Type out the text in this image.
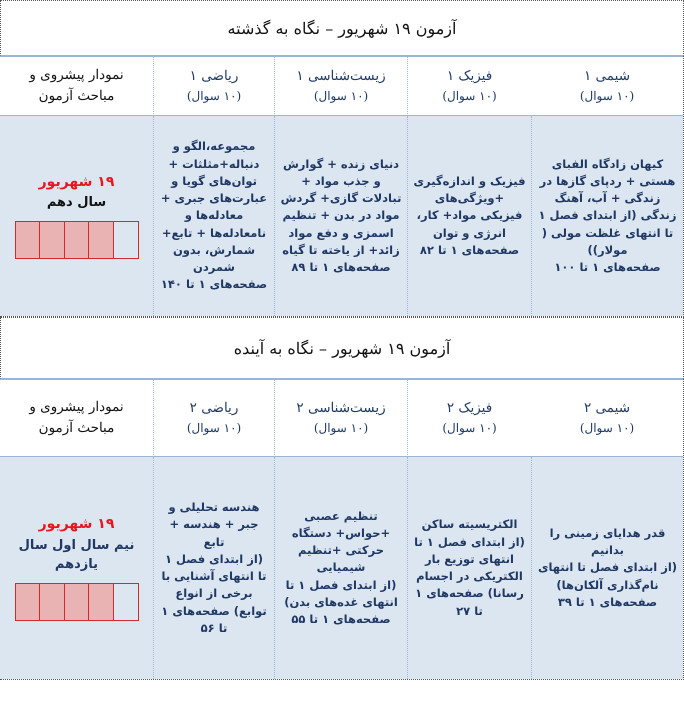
آزمون ۱۹ شهریور – نگاه به گذشته
شیمی ۱
(۱۰ سوال)
فیزیک ۱
(۱۰ سوال)
زیست‌شناسی ۱
(۱۰ سوال)
ریاضی ۱
(۱۰ سوال)
نمودار پیشروی و
مباحث آزمون
کیهان زادگاه الفبای هستی + ردپای گازها در زندگی + آب، آهنگ زندگی (از ابتدای فصل ۱ تا انتهای غلظت مولی ( مولار))
صفحه‌های ۱ تا ۱۰۰
فیزیک و اندازه‌گیری +ویژگی‌های فیزیکی مواد+ کار، انرژی و توان
صفحه‌های ۱ تا ۸۲
دنیای زنده + گوارش و جذب مواد + تبادلات گازی+ گردش مواد در بدن + تنظیم اسمزی و دفع مواد زائد+ از یاخته تا گیاه
صفحه‌های ۱ تا ۸۹
مجموعه،الگو و دنباله+مثلثات + توان‌های گویا و عبارت‌های جبری + معادله‌ها و نامعادله‌ها + تابع+ شمارش، بدون شمردن
صفحه‌های ۱ تا ۱۴۰
۱۹ شهریور
سال دهم
آزمون ۱۹ شهریور – نگاه به آینده
شیمی ۲
(۱۰ سوال)
فیزیک ۲
(۱۰ سوال)
زیست‌شناسی ۲
(۱۰ سوال)
ریاضی ۲
(۱۰ سوال)
نمودار پیشروی و
مباحث آزمون
قدر هدایای زمینی را بدانیم
(از ابتدای فصل تا انتهای نام‌گذاری آلکان‌ها) صفحه‌های ۱ تا ۳۹
الکتریسیته ساکن
(از ابتدای فصل ۱ تا انتهای توزیع بار الکتریکی در اجسام رسانا) صفحه‌های ۱ تا ۲۷
تنظیم عصبی +حواس+ دستگاه حرکتی +تنظیم شیمیایی
(از ابتدای فصل ۱ تا انتهای غده‌های بدن) صفحه‌های ۱ تا ۵۵
هندسه تحلیلی و جبر + هندسه + تابع
(از ابتدای فصل ۱ تا انتهای آشنایی با برخی از انواع توابع) صفحه‌های ۱ تا ۵۶
۱۹ شهریور
نیم سال اول سال یازدهم
